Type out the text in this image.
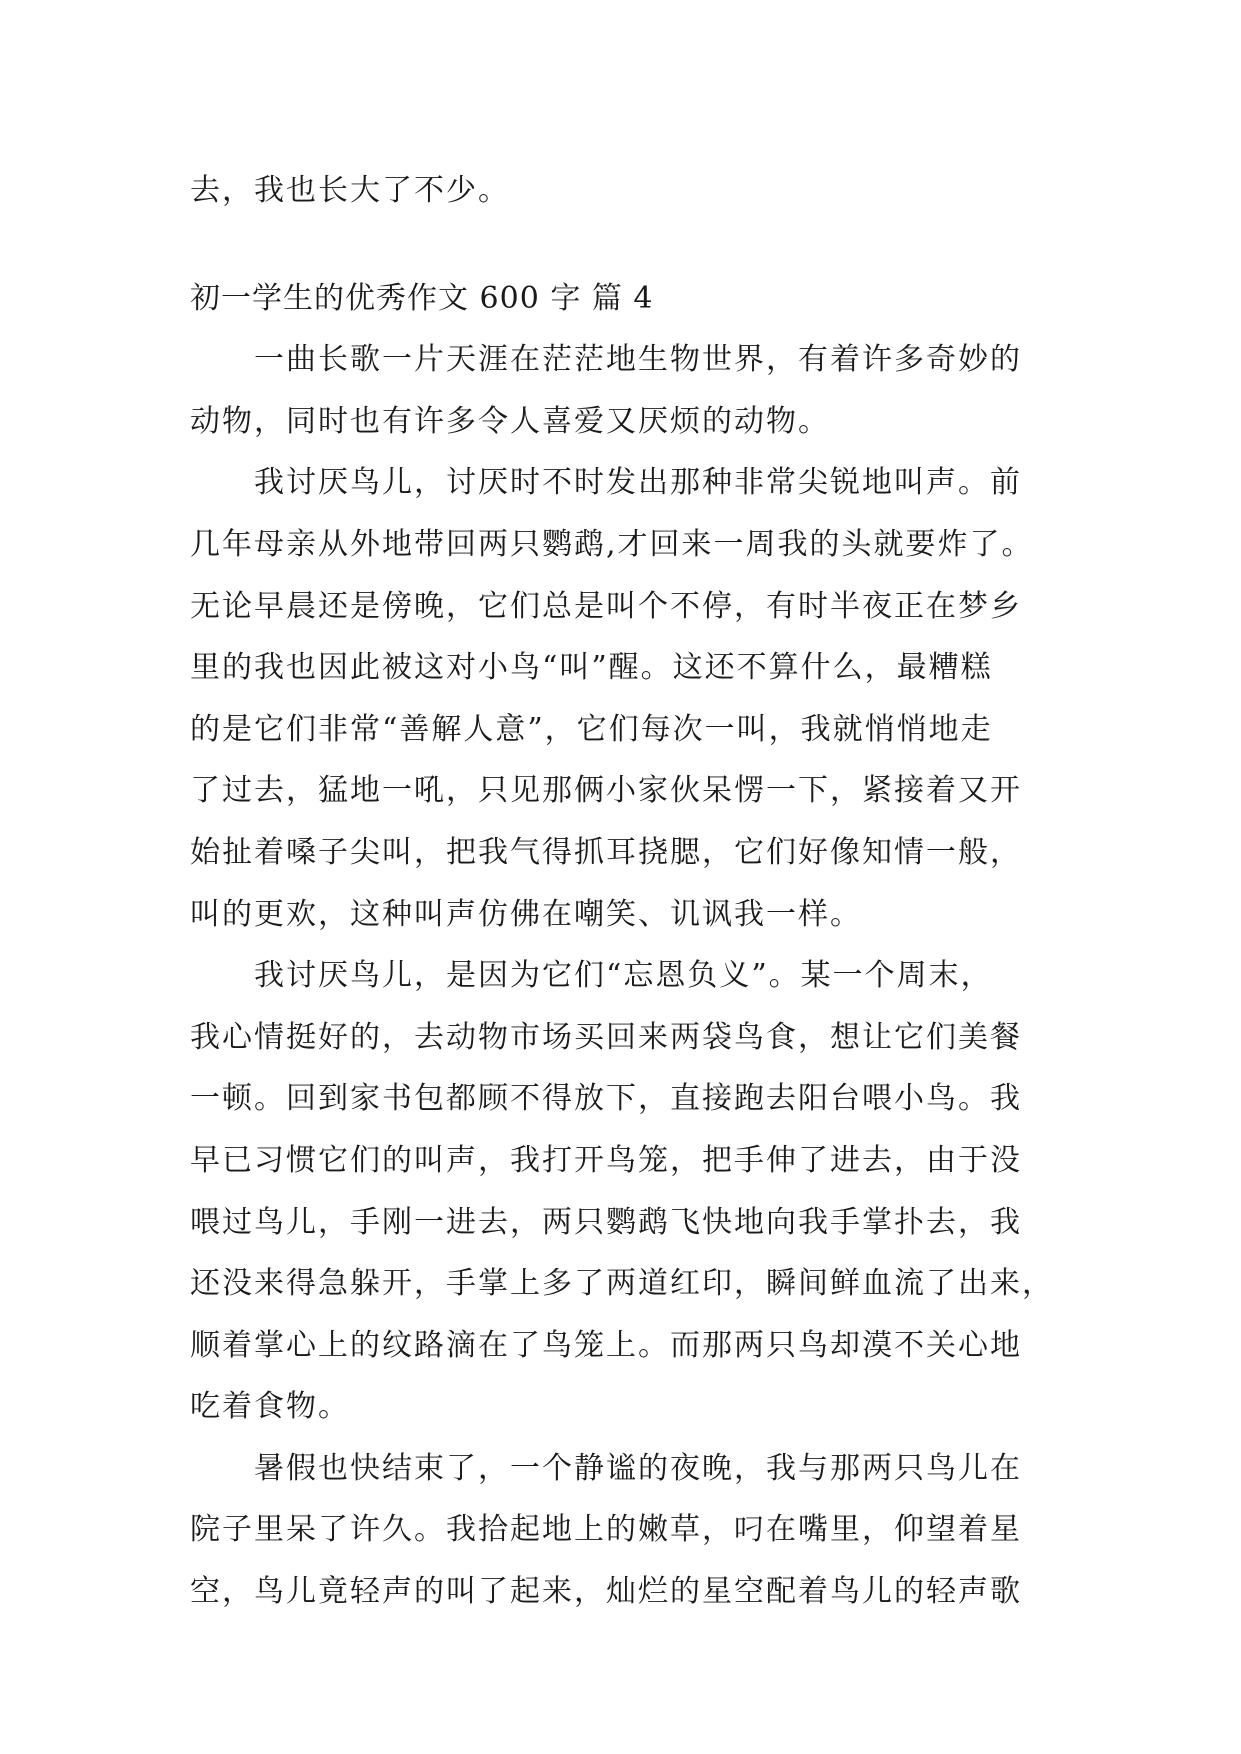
去，我也长大了不少。
初一学生的优秀作文 600 字 篇 4
一曲长歌一片天涯在茫茫地生物世界，有着许多奇妙的
动物，同时也有许多令人喜爱又厌烦的动物。
我讨厌鸟儿，讨厌时不时发出那种非常尖锐地叫声。前
几年母亲从外地带回两只鹦鹉,才回来一周我的头就要炸了。
无论早晨还是傍晚，它们总是叫个不停，有时半夜正在梦乡
里的我也因此被这对小鸟“叫”醒。这还不算什么，最糟糕
的是它们非常“善解人意”，它们每次一叫，我就悄悄地走
了过去，猛地一吼，只见那俩小家伙呆愣一下，紧接着又开
始扯着嗓子尖叫，把我气得抓耳挠腮，它们好像知情一般，
叫的更欢，这种叫声仿佛在嘲笑、讥讽我一样。
我讨厌鸟儿，是因为它们“忘恩负义”。某一个周末，
我心情挺好的，去动物市场买回来两袋鸟食，想让它们美餐
一顿。回到家书包都顾不得放下，直接跑去阳台喂小鸟。我
早已习惯它们的叫声，我打开鸟笼，把手伸了进去，由于没
喂过鸟儿，手刚一进去，两只鹦鹉飞快地向我手掌扑去，我
还没来得急躲开，手掌上多了两道红印，瞬间鲜血流了出来，
顺着掌心上的纹路滴在了鸟笼上。而那两只鸟却漠不关心地
吃着食物。
暑假也快结束了，一个静谧的夜晚，我与那两只鸟儿在
院子里呆了许久。我拾起地上的嫩草，叼在嘴里，仰望着星
空，鸟儿竟轻声的叫了起来，灿烂的星空配着鸟儿的轻声歌
